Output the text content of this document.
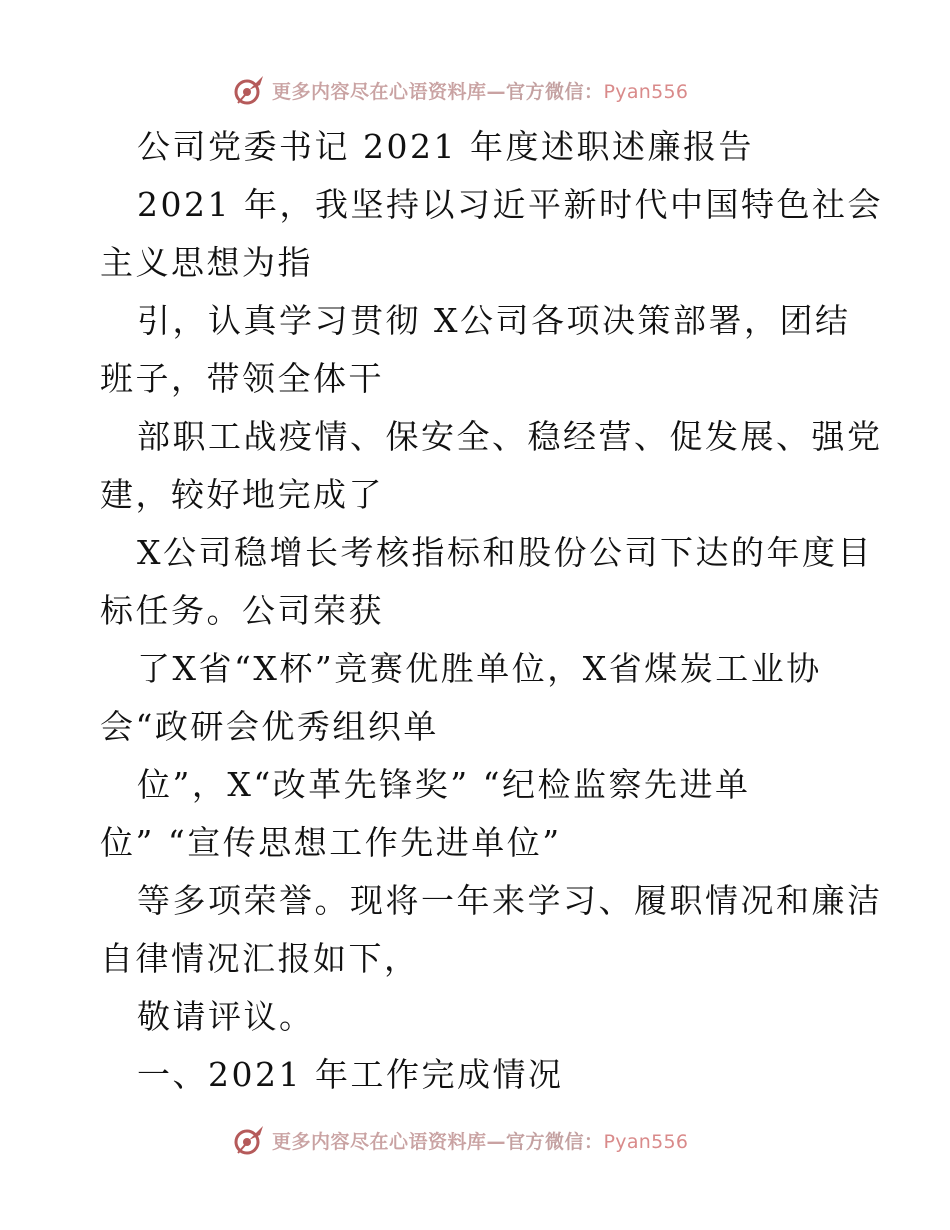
更多内容尽在心语资料库—官方微信：Pyan556
公司党委书记 2021 年度述职述廉报告
2021 年，我坚持以习近平新时代中国特色社会
主义思想为指
引，认真学习贯彻 X公司各项决策部署，团结
班子，带领全体干
部职工战疫情、保安全、稳经营、促发展、强党
建，较好地完成了
X公司稳增长考核指标和股份公司下达的年度目
标任务。公司荣获
了X省“X杯”竞赛优胜单位，X省煤炭工业协
会“政研会优秀组织单
位”，X“改革先锋奖” “纪检监察先进单
位” “宣传思想工作先进单位”
等多项荣誉。现将一年来学习、履职情况和廉洁
自律情况汇报如下，
敬请评议。
一、2021 年工作完成情况
更多内容尽在心语资料库—官方微信：Pyan556
